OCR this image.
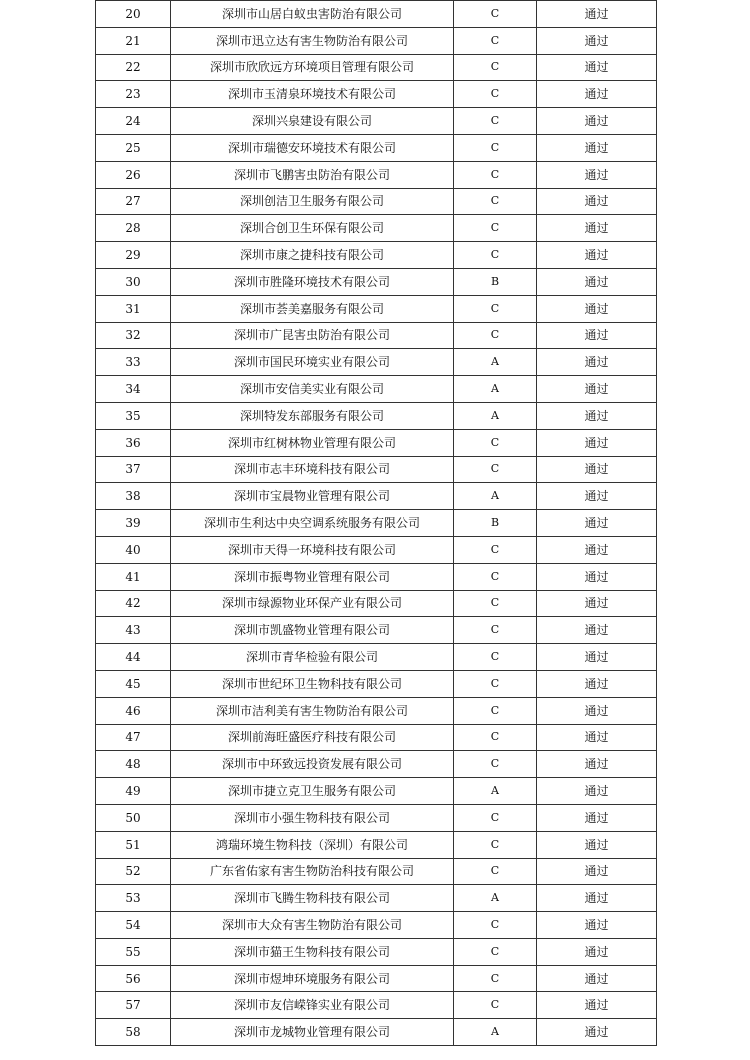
20	深圳市山居白蚁虫害防治有限公司	C	通过
21	深圳市迅立达有害生物防治有限公司	C	通过
22	深圳市欣欣远方环境项目管理有限公司	C	通过
23	深圳市玉清泉环境技术有限公司	C	通过
24	深圳兴泉建设有限公司	C	通过
25	深圳市瑞德安环境技术有限公司	C	通过
26	深圳市飞鹏害虫防治有限公司	C	通过
27	深圳创洁卫生服务有限公司	C	通过
28	深圳合创卫生环保有限公司	C	通过
29	深圳市康之捷科技有限公司	C	通过
30	深圳市胜隆环境技术有限公司	B	通过
31	深圳市荟美嘉服务有限公司	C	通过
32	深圳市广昆害虫防治有限公司	C	通过
33	深圳市国民环境实业有限公司	A	通过
34	深圳市安信美实业有限公司	A	通过
35	深圳特发东部服务有限公司	A	通过
36	深圳市红树林物业管理有限公司	C	通过
37	深圳市志丰环境科技有限公司	C	通过
38	深圳市宝晨物业管理有限公司	A	通过
39	深圳市生利达中央空调系统服务有限公司	B	通过
40	深圳市天得一环境科技有限公司	C	通过
41	深圳市振粤物业管理有限公司	C	通过
42	深圳市绿源物业环保产业有限公司	C	通过
43	深圳市凯盛物业管理有限公司	C	通过
44	深圳市青华检验有限公司	C	通过
45	深圳市世纪环卫生物科技有限公司	C	通过
46	深圳市洁利美有害生物防治有限公司	C	通过
47	深圳前海旺盛医疗科技有限公司	C	通过
48	深圳市中环致远投资发展有限公司	C	通过
49	深圳市捷立克卫生服务有限公司	A	通过
50	深圳市小强生物科技有限公司	C	通过
51	鸿瑞环境生物科技（深圳）有限公司	C	通过
52	广东省佑家有害生物防治科技有限公司	C	通过
53	深圳市飞腾生物科技有限公司	A	通过
54	深圳市大众有害生物防治有限公司	C	通过
55	深圳市猫王生物科技有限公司	C	通过
56	深圳市煜坤环境服务有限公司	C	通过
57	深圳市友信嵘锋实业有限公司	C	通过
58	深圳市龙城物业管理有限公司	A	通过
